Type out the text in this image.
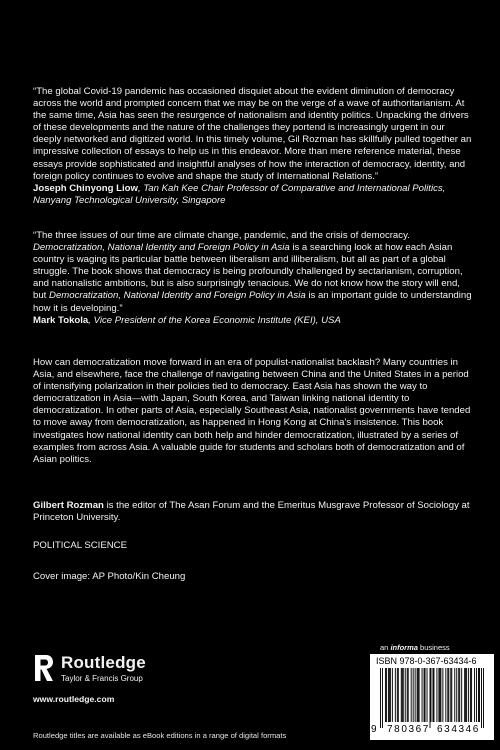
“The global Covid-19 pandemic has occasioned disquiet about the evident diminution of democracy across the world and prompted concern that we may be on the verge of a wave of authoritarianism. At the same time, Asia has seen the resurgence of nationalism and identity politics. Unpacking the drivers of these developments and the nature of the challenges they portend is increasingly urgent in our deeply networked and digitized world. In this timely volume, Gil Rozman has skillfully pulled together an impressive collection of essays to help us in this endeavor. More than mere reference material, these essays provide sophisticated and insightful analyses of how the interaction of democracy, identity, and foreign policy continues to evolve and shape the study of International Relations.”

Joseph Chinyong Liow, Tan Kah Kee Chair Professor of Comparative and International Politics, Nanyang Technological University, Singapore

“The three issues of our time are climate change, pandemic, and the crisis of democracy. Democratization, National Identity and Foreign Policy in Asia is a searching look at how each Asian country is waging its particular battle between liberalism and illiberalism, but all as part of a global struggle. The book shows that democracy is being profoundly challenged by sectarianism, corruption, and nationalistic ambitions, but is also surprisingly tenacious. We do not know how the story will end, but Democratization, National Identity and Foreign Policy in Asia is an important guide to understanding how it is developing.”

Mark Tokola, Vice President of the Korea Economic Institute (KEI), USA

How can democratization move forward in an era of populist-nationalist backlash? Many countries in Asia, and elsewhere, face the challenge of navigating between China and the United States in a period of intensifying polarization in their policies tied to democracy. East Asia has shown the way to democratization in Asia—with Japan, South Korea, and Taiwan linking national identity to democratization. In other parts of Asia, especially Southeast Asia, nationalist governments have tended to move away from democratization, as happened in Hong Kong at China’s insistence. This book investigates how national identity can both help and hinder democratization, illustrated by a series of examples from across Asia. A valuable guide for students and scholars both of democratization and of Asian politics.

Gilbert Rozman is the editor of The Asan Forum and the Emeritus Musgrave Professor of Sociology at Princeton University.

POLITICAL SCIENCE

Cover image: AP Photo/Kin Cheung

an informa business
Routledge
Taylor & Francis Group
www.routledge.com
Routledge titles are available as eBook editions in a range of digital formats
ISBN 978-0-367-63434-6
9 780367 634346
